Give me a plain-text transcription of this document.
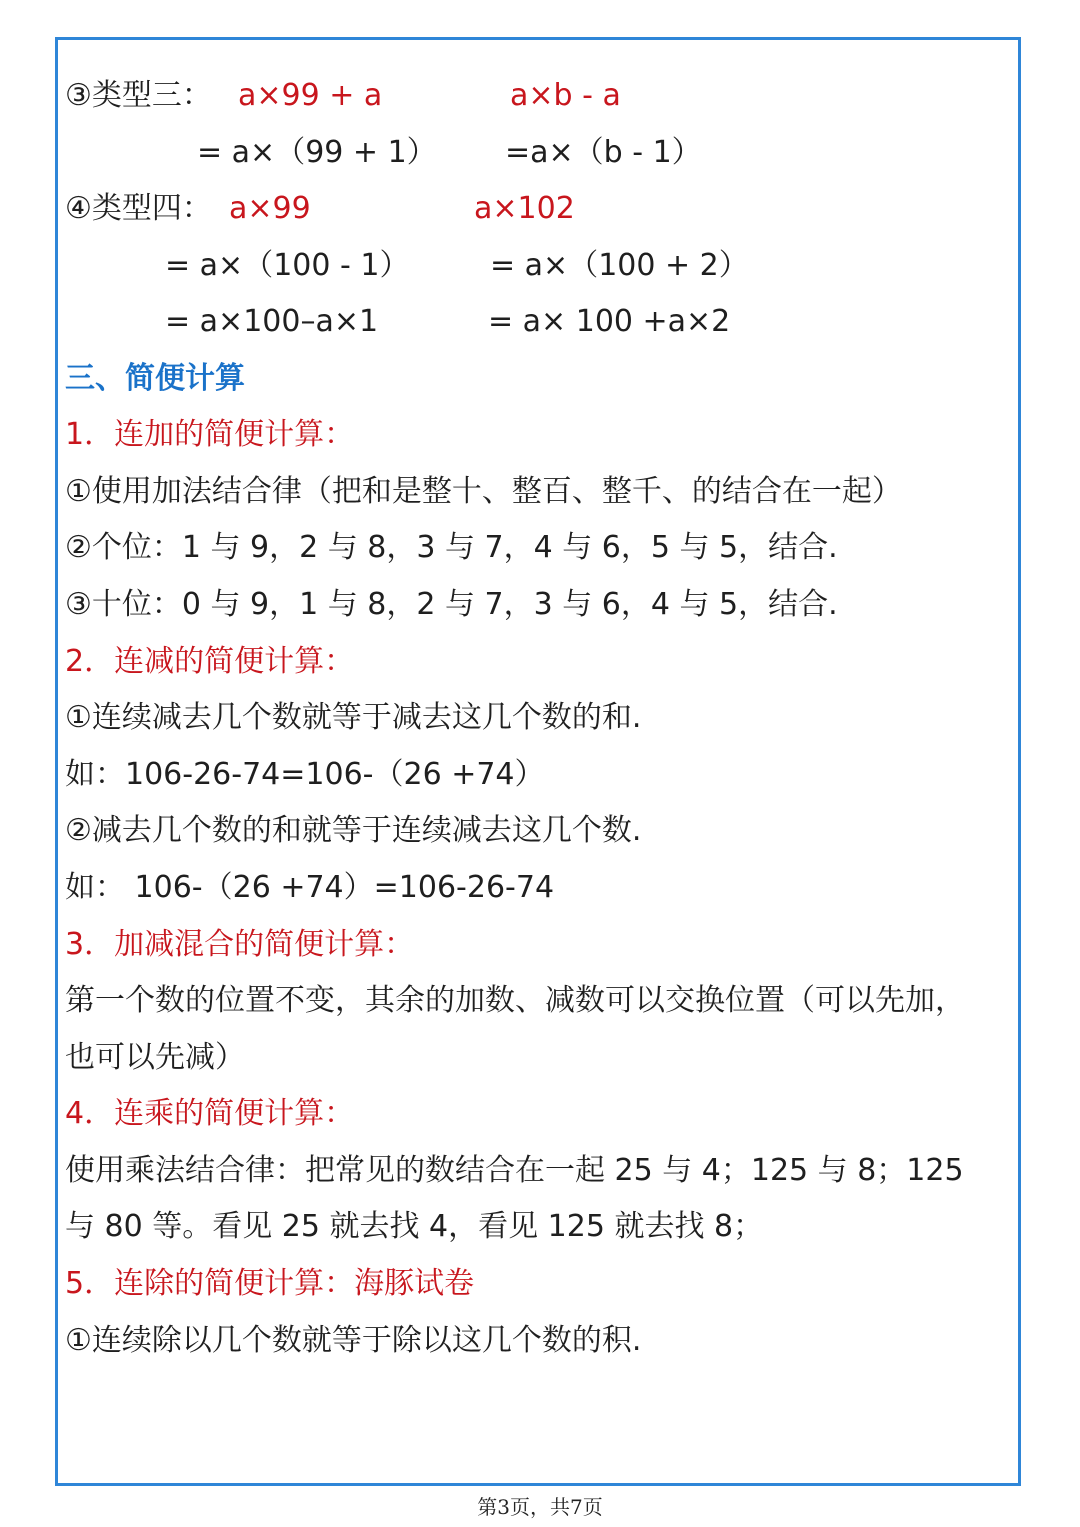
③类型三： a×99 + a	a×b - a
= a×（99 + 1） =a×（b - 1）
④类型四： a×99	a×102
= a×（100 - 1）	= a×（100 + 2）
= a×100–a×1	= a× 100 +a×2
三、简便计算
1．连加的简便计算：
①使用加法结合律（把和是整十、整百、整千、的结合在一起）
②个位：1 与 9，2 与 8，3 与 7，4 与 6，5 与 5，结合.
③十位：0 与 9，1 与 8，2 与 7，3 与 6，4 与 5，结合.
2．连减的简便计算：
①连续减去几个数就等于减去这几个数的和.
如：106-26-74=106-（26 +74）
②减去几个数的和就等于连续减去这几个数.
如： 106-（26 +74）=106-26-74
3．加减混合的简便计算：
第一个数的位置不变，其余的加数、减数可以交换位置（可以先加，
也可以先减）
4．连乘的简便计算：
使用乘法结合律：把常见的数结合在一起 25 与 4；125 与 8；125
与 80 等。看见 25 就去找 4，看见 125 就去找 8；
5．连除的简便计算：海豚试卷
①连续除以几个数就等于除以这几个数的积.
第3页，共7页
